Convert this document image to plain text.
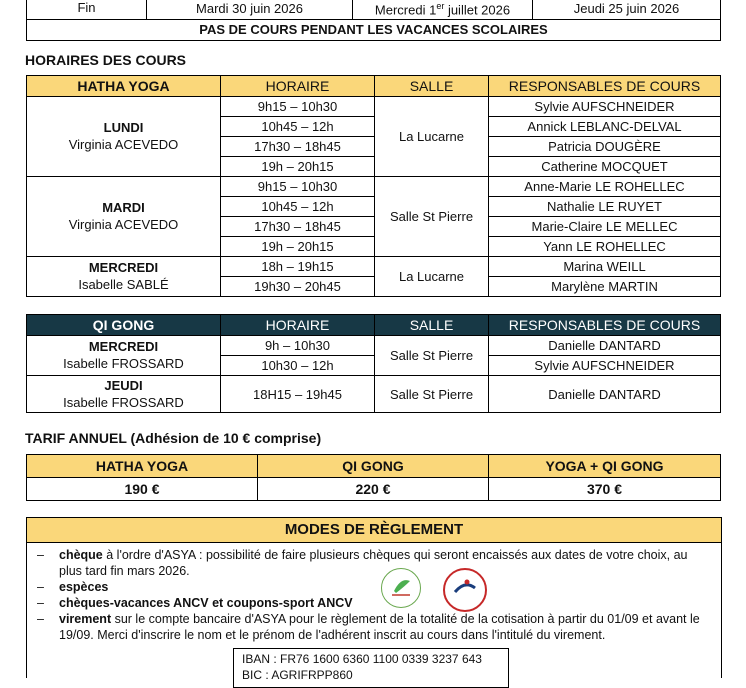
Fin	Mardi 30 juin 2026	Mercredi 1er juillet 2026	Jeudi 25 juin 2026
PAS DE COURS PENDANT LES VACANCES SCOLAIRES
HORAIRES DES COURS
HATHA YOGA	HORAIRE	SALLE	RESPONSABLES DE COURS

LUNDI
Virginia ACEVEDO	9h15 – 10h30	La Lucarne	Sylvie AUFSCHNEIDER
	10h45 – 12h		Annick LEBLANC-DELVAL
	17h30 – 18h45		Patricia DOUGÈRE
	19h – 20h15		Catherine MOCQUET

MARDI
Virginia ACEVEDO	9h15 – 10h30	Salle St Pierre	Anne-Marie LE ROHELLEC
	10h45 – 12h		Nathalie LE RUYET
	17h30 – 18h45		Marie-Claire LE MELLEC
	19h – 20h15		Yann LE ROHELLEC

MERCREDI
Isabelle SABLÉ	18h – 19h15	La Lucarne	Marina WEILL
	19h30 – 20h45		Marylène MARTIN
QI GONG	HORAIRE	SALLE	RESPONSABLES DE COURS

MERCREDI
Isabelle FROSSARD	9h – 10h30	Salle St Pierre	Danielle DANTARD
	10h30 – 12h		Sylvie AUFSCHNEIDER

JEUDI
Isabelle FROSSARD	18H15 – 19h45	Salle St Pierre	Danielle DANTARD
TARIF ANNUEL (Adhésion de 10 € comprise)
HATHA YOGA	QI GONG	YOGA + QI GONG
190 €	220 €	370 €
MODES DE RÈGLEMENT
– chèque à l'ordre d'ASYA : possibilité de faire plusieurs chèques qui seront encaissés aux dates de votre choix, au plus tard fin mars 2026.
– espèces
– chèques-vacances ANCV et coupons-sport ANCV
– virement sur le compte bancaire d'ASYA pour le règlement de la totalité de la cotisation à partir du 01/09 et avant le 19/09. Merci d'inscrire le nom et le prénom de l'adhérent inscrit au cours dans l'intitulé du virement.
IBAN : FR76 1600 6360 1100 0339 3237 643
BIC : AGRIFRPP860
